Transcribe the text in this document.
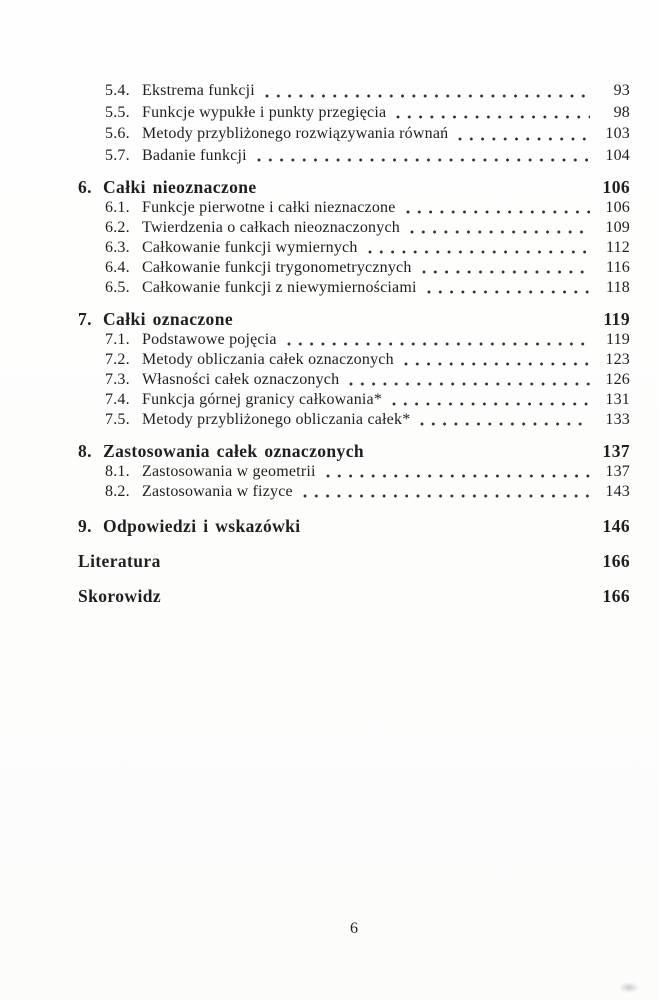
5.4. Ekstrema funkcji	93
5.5. Funkcje wypukłe i punkty przegięcia	98
5.6. Metody przybliżonego rozwiązywania równań	103
5.7. Badanie funkcji	104
6. Całki nieoznaczone	106
6.1. Funkcje pierwotne i całki nieznaczone	106
6.2. Twierdzenia o całkach nieoznaczonych	109
6.3. Całkowanie funkcji wymiernych	112
6.4. Całkowanie funkcji trygonometrycznych	116
6.5. Całkowanie funkcji z niewymiernościami	118
7. Całki oznaczone	119
7.1. Podstawowe pojęcia	119
7.2. Metody obliczania całek oznaczonych	123
7.3. Własności całek oznaczonych	126
7.4. Funkcja górnej granicy całkowania*	131
7.5. Metody przybliżonego obliczania całek*	133
8. Zastosowania całek oznaczonych	137
8.1. Zastosowania w geometrii	137
8.2. Zastosowania w fizyce	143
9. Odpowiedzi i wskazówki	146
Literatura	166
Skorowidz	166
6
